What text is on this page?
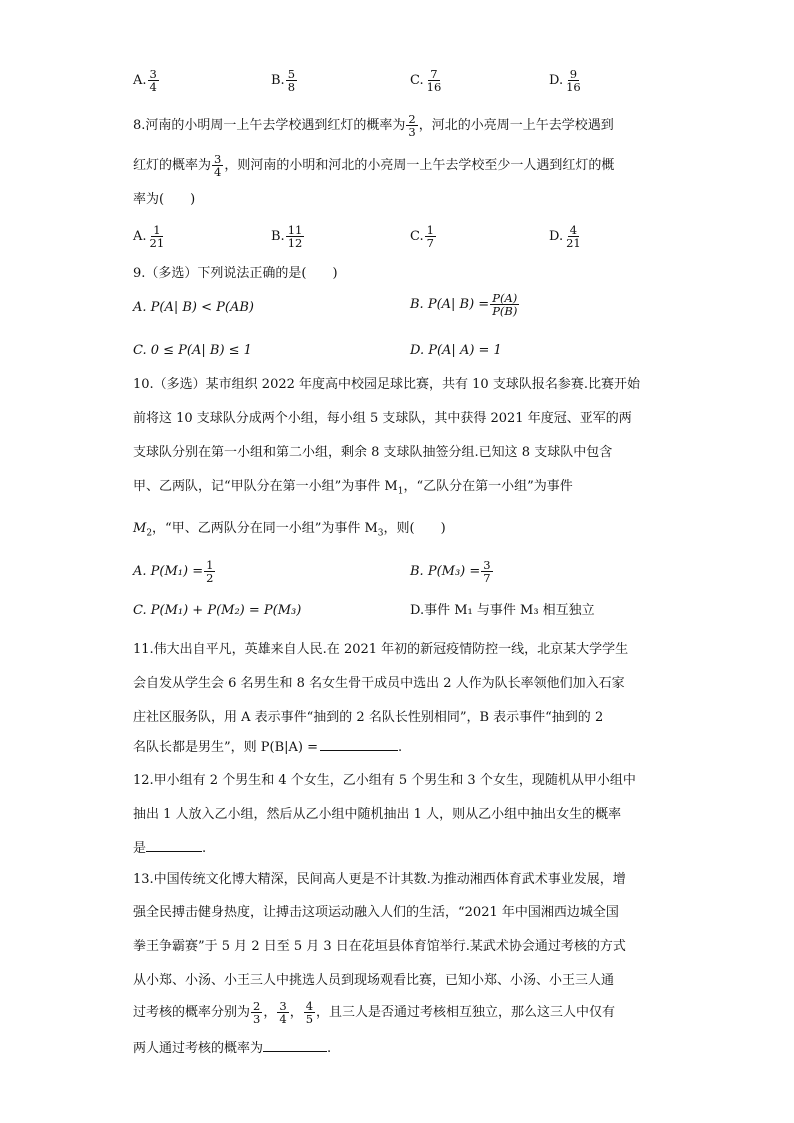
A. $\frac{3}{4}$	B. $\frac{5}{8}$	C. $\frac{7}{16}$	D. $\frac{9}{16}$
8.河南的小明周一上午去学校遇到红灯的概率为 $\frac{2}{3}$ ，河北的小亮周一上午去学校遇到
红灯的概率为 $\frac{3}{4}$ ，则河南的小明和河北的小亮周一上午去学校至少一人遇到红灯的概
率为(　　)
A. $\frac{1}{21}$	B. $\frac{11}{12}$	C. $\frac{1}{7}$	D. $\frac{4}{21}$
9.（多选）下列说法正确的是(　　)
A. P(A| B) < P(AB)	B. P(A| $B) = \frac{P(A)}{P(B)}$
C. 0 ≤ P(A| B) ≤ 1	D. P(A| A) = 1
10.（多选）某市组织 2022 年度高中校园足球比赛，共有 10 支球队报名参赛.比赛开始
前将这 10 支球队分成两个小组，每小组 5 支球队，其中获得 2021 年度冠、亚军的两
支球队分别在第一小组和第二小组，剩余 8 支球队抽签分组.已知这 8 支球队中包含
甲、乙两队，记“甲队分在第一小组”为事件 $M_1$，“乙队分在第一小组”为事件
$M_2$，“甲、乙两队分在同一小组”为事件 $M_3$，则(　　)
A. $P(M_1) = \frac{1}{2}$	B. $P(M_3) = \frac{3}{7}$
C. P(M₁) + P(M₂) = P(M₃)	D.事件 M₁ 与事件 M₃ 相互独立
11.伟大出自平凡，英雄来自人民.在 2021 年初的新冠疫情防控一线，北京某大学学生
会自发从学生会 6 名男生和 8 名女生骨干成员中选出 2 人作为队长率领他们加入石家
庄社区服务队，用 A 表示事件“抽到的 2 名队长性别相同”，B 表示事件“抽到的 2
名队长都是男生”，则 P(B|A) =	.
12.甲小组有 2 个男生和 4 个女生，乙小组有 5 个男生和 3 个女生，现随机从甲小组中
抽出 1 人放入乙小组，然后从乙小组中随机抽出 1 人，则从乙小组中抽出女生的概率
是	.
13.中国传统文化博大精深，民间高人更是不计其数.为推动湘西体育武术事业发展，增
强全民搏击健身热度，让搏击这项运动融入人们的生活，“2021 年中国湘西边城全国
拳王争霸赛”于 5 月 2 日至 5 月 3 日在花垣县体育馆举行.某武术协会通过考核的方式
从小郑、小汤、小王三人中挑选人员到现场观看比赛，已知小郑、小汤、小王三人通
过考核的概率分别为 $\frac{2}{3}$ ， $\frac{3}{4}$ ， $\frac{4}{5}$ ，且三人是否通过考核相互独立，那么这三人中仅有
两人通过考核的概率为	.
